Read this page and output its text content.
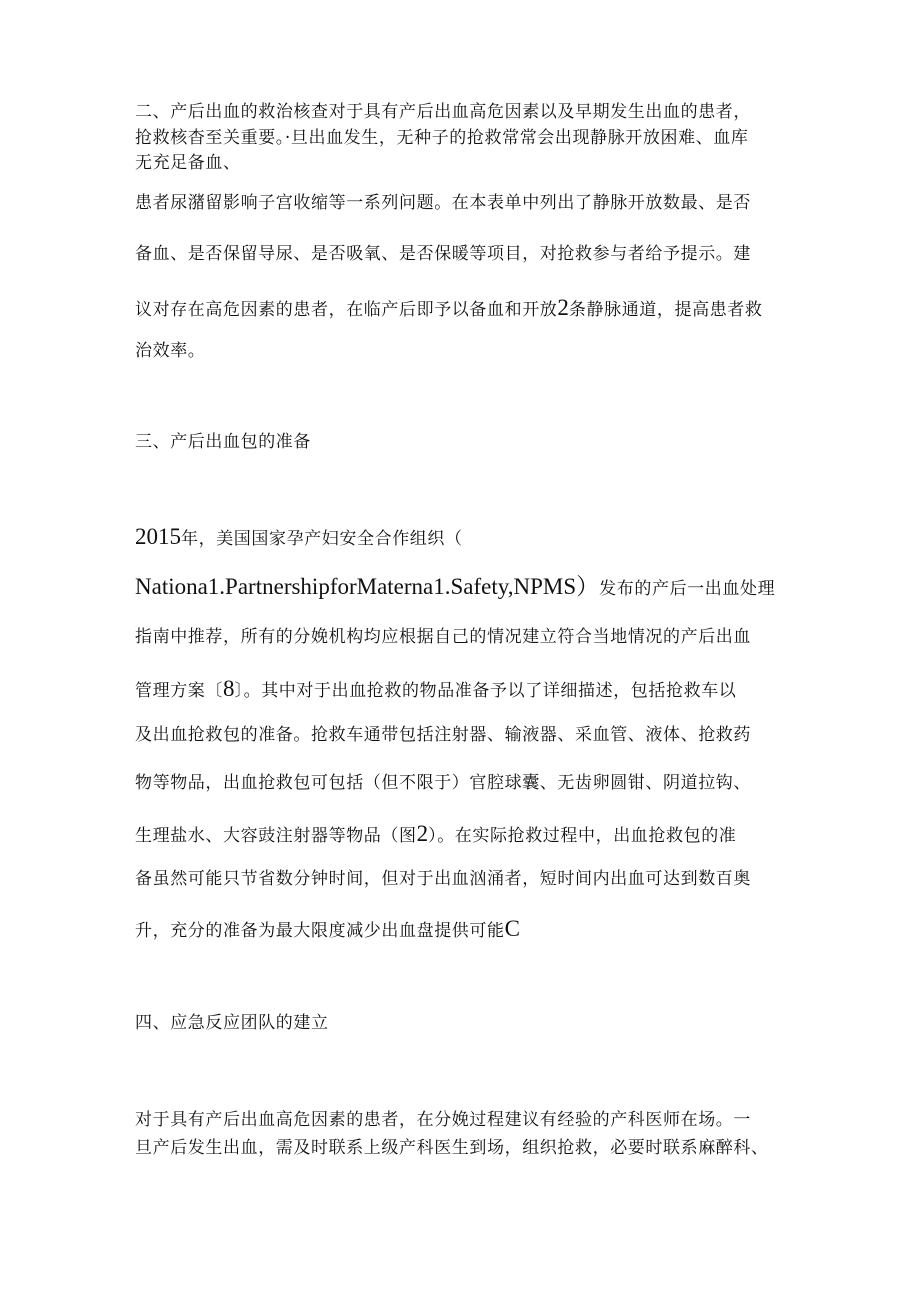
二、产后出血的救治核查对于具有产后出血高危因素以及早期发生出血的患者，
抢救核杳至关重要。·旦出血发生，无种子的抢救常常会出现静脉开放困难、血库
无充足备血、
患者尿潴留影响子宫收缩等一系列问题。在本表单中列出了静脉开放数最、是否
备血、是否保留导尿、是否吸氧、是否保暖等项目，对抢救参与者给予提示。建
议对存在高危因素的患者，在临产后即予以备血和开放2条静脉通道，提高患者救
治效率。
三、产后出血包的准备
2015年，美国国家孕产妇安全合作组织（
Nationa1.PartnershipforMaterna1.Safety,NPMS）发布的产后一出血处理
指南中推荐，所有的分娩机构均应根据自己的情况建立符合当地情况的产后出血
管理方案〔8〕。其中对于出血抢救的物品准备予以了详细描述，包括抢救车以
及出血抢救包的准备。抢救车通带包括注射器、输液器、采血管、液体、抢救药
物等物品，出血抢救包可包括（但不限于）官腔球囊、无齿卵圆钳、阴道拉钩、
生理盐水、大容豉注射器等物品（图2）。在实际抢救过程中，出血抢救包的准
备虽然可能只节省数分钟时间，但对于出血汹涌者，短时间内出血可达到数百奥
升，充分的准备为最大限度减少出血盘提供可能C
四、应急反应团队的建立
对于具有产后出血高危因素的患者，在分娩过程建议有经验的产科医师在场。一
旦产后发生出血，需及时联系上级产科医生到场，组织抢救，必要时联系麻醉科、
